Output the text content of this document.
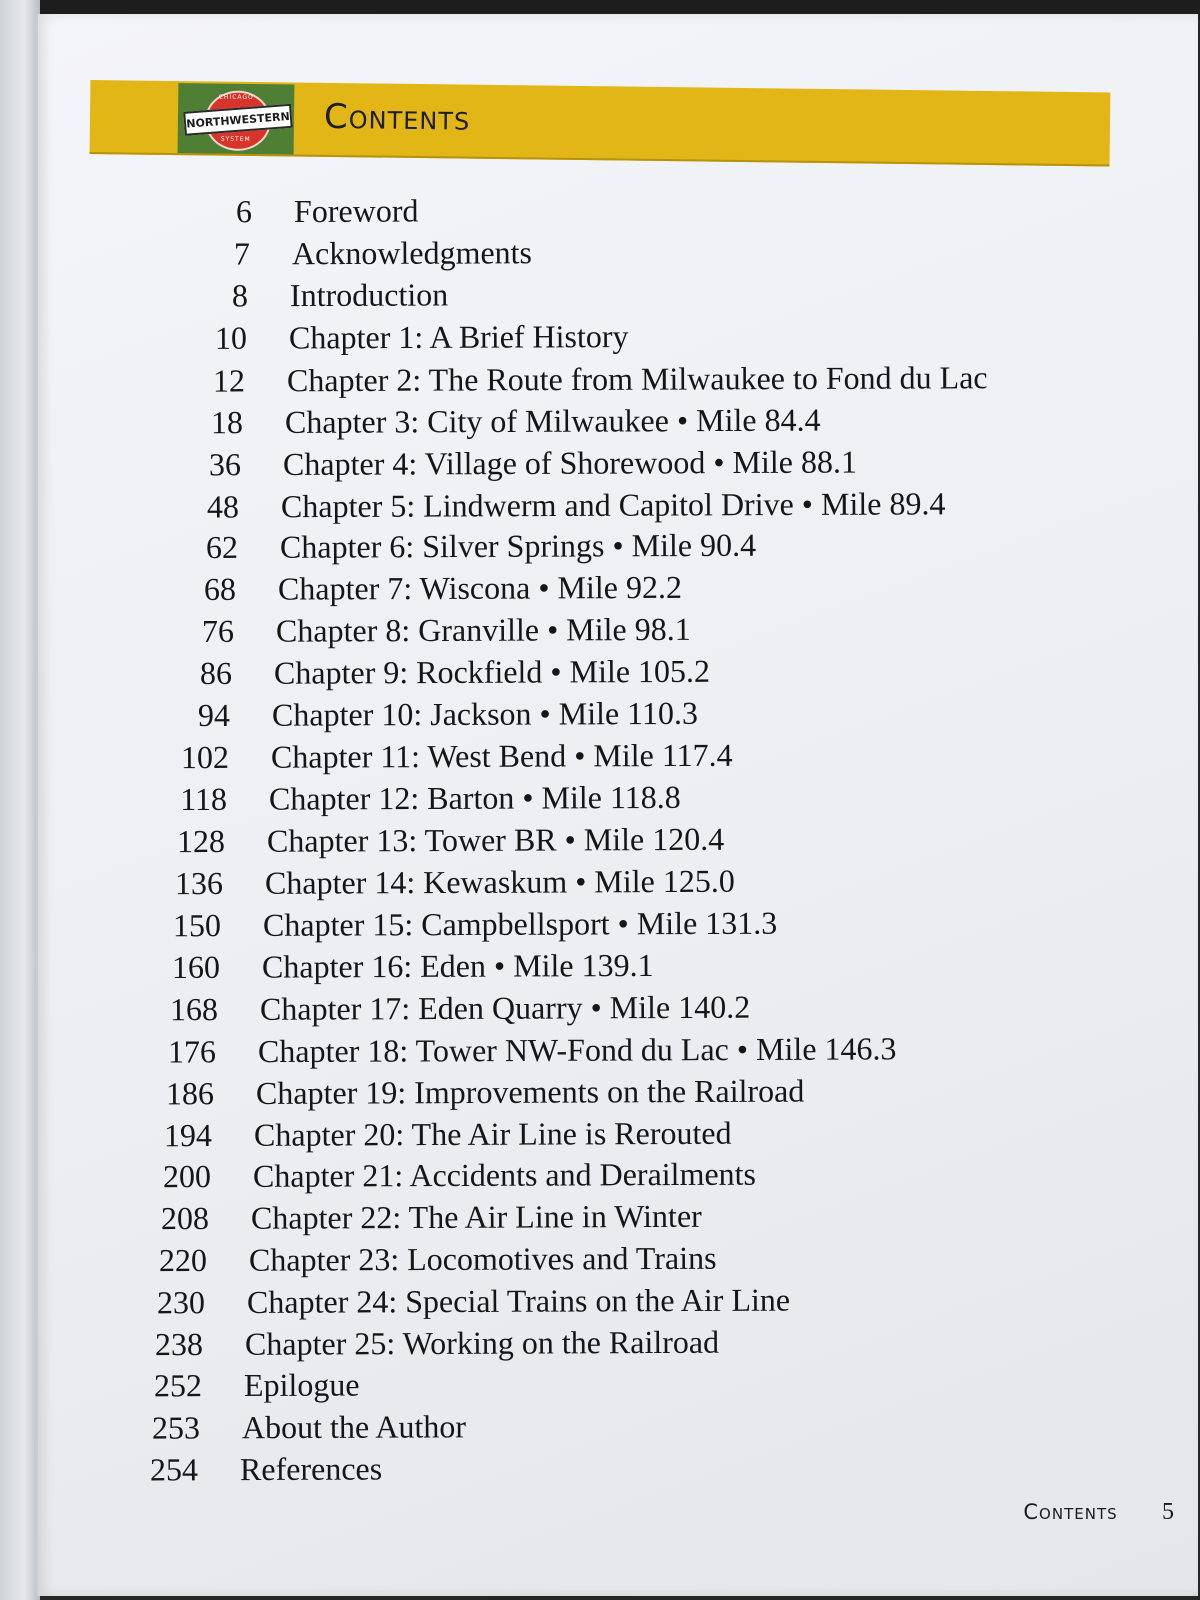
CHICAGO
NORTHWESTERN
SYSTEM
Contents
6 Foreword
7 Acknowledgments
8 Introduction
10 Chapter 1: A Brief History
12 Chapter 2: The Route from Milwaukee to Fond du Lac
18 Chapter 3: City of Milwaukee • Mile 84.4
36 Chapter 4: Village of Shorewood • Mile 88.1
48 Chapter 5: Lindwerm and Capitol Drive • Mile 89.4
62 Chapter 6: Silver Springs • Mile 90.4
68 Chapter 7: Wiscona • Mile 92.2
76 Chapter 8: Granville • Mile 98.1
86 Chapter 9: Rockfield • Mile 105.2
94 Chapter 10: Jackson • Mile 110.3
102 Chapter 11: West Bend • Mile 117.4
118 Chapter 12: Barton • Mile 118.8
128 Chapter 13: Tower BR • Mile 120.4
136 Chapter 14: Kewaskum • Mile 125.0
150 Chapter 15: Campbellsport • Mile 131.3
160 Chapter 16: Eden • Mile 139.1
168 Chapter 17: Eden Quarry • Mile 140.2
176 Chapter 18: Tower NW-Fond du Lac • Mile 146.3
186 Chapter 19: Improvements on the Railroad
194 Chapter 20: The Air Line is Rerouted
200 Chapter 21: Accidents and Derailments
208 Chapter 22: The Air Line in Winter
220 Chapter 23: Locomotives and Trains
230 Chapter 24: Special Trains on the Air Line
238 Chapter 25: Working on the Railroad
252 Epilogue
253 About the Author
254 References
Contents 5
